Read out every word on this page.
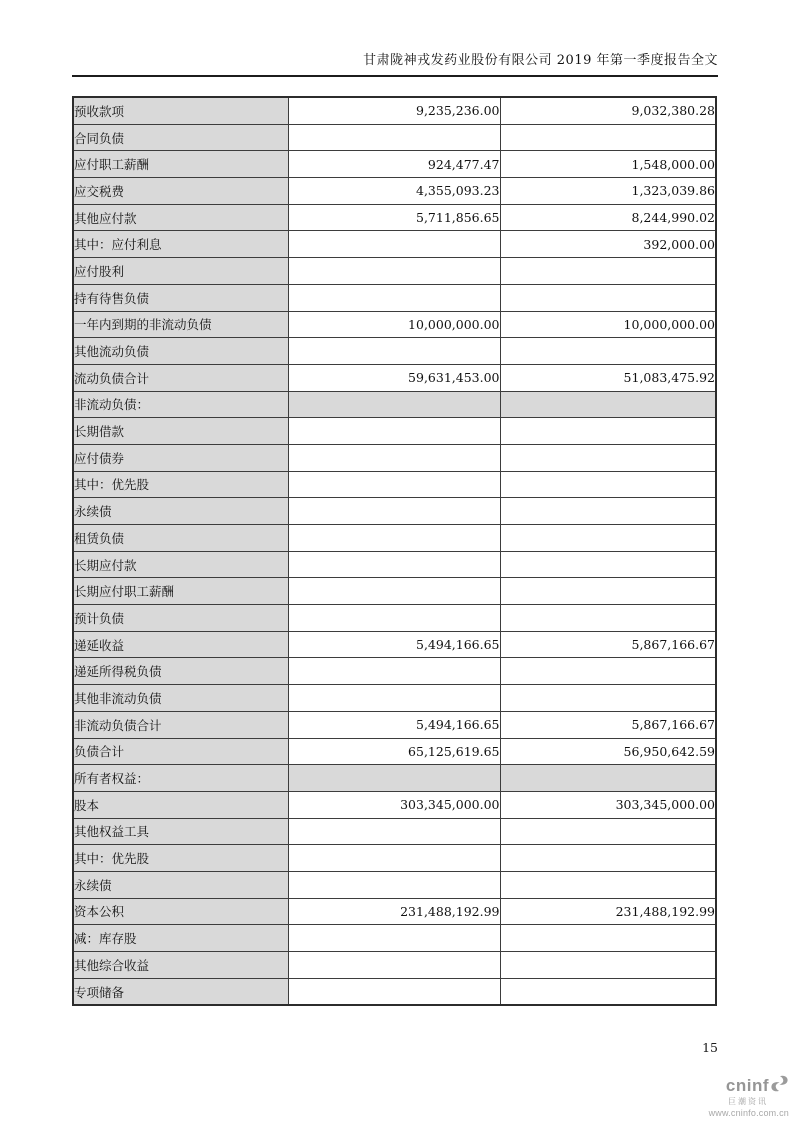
甘肃陇神戎发药业股份有限公司 2019 年第一季度报告全文
预收款项	9,235,236.00	9,032,380.28
合同负债		
应付职工薪酬	924,477.47	1,548,000.00
应交税费	4,355,093.23	1,323,039.86
其他应付款	5,711,856.65	8,244,990.02
其中：应付利息		392,000.00
应付股利		
持有待售负债		
一年内到期的非流动负债	10,000,000.00	10,000,000.00
其他流动负债		
流动负债合计	59,631,453.00	51,083,475.92
非流动负债：		
长期借款		
应付债券		
其中：优先股		
永续债		
租赁负债		
长期应付款		
长期应付职工薪酬		
预计负债		
递延收益	5,494,166.65	5,867,166.67
递延所得税负债		
其他非流动负债		
非流动负债合计	5,494,166.65	5,867,166.67
负债合计	65,125,619.65	56,950,642.59
所有者权益：		
股本	303,345,000.00	303,345,000.00
其他权益工具		
其中：优先股		
永续债		
资本公积	231,488,192.99	231,488,192.99
减：库存股		
其他综合收益		
专项储备		
15
cninf
巨潮资讯
www.cninfo.com.cn
